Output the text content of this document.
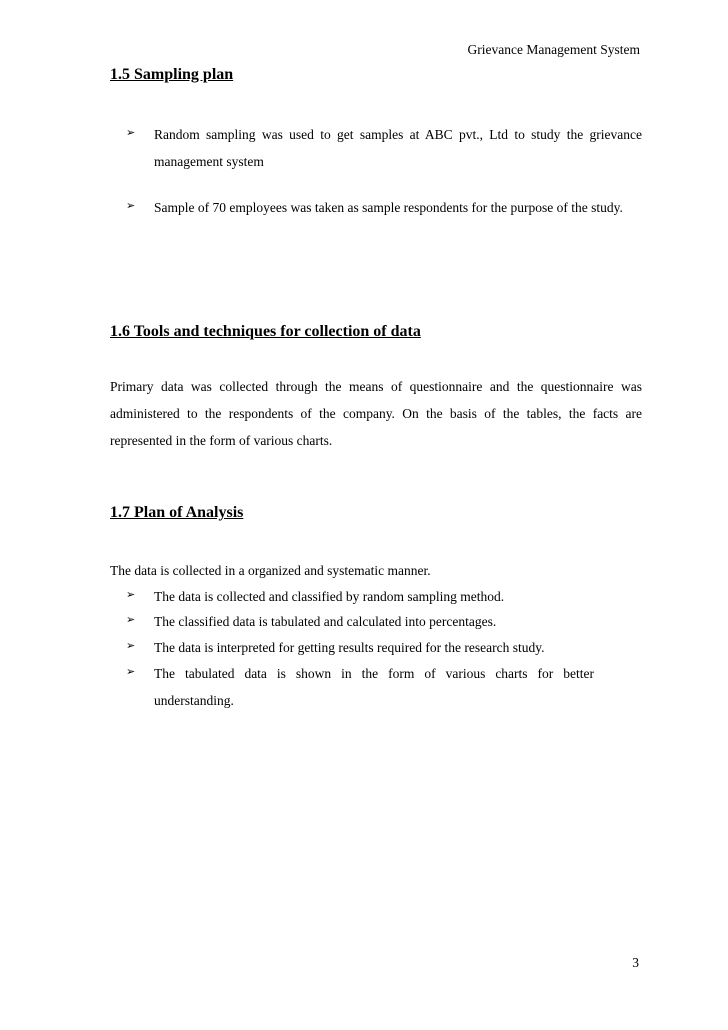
Grievance Management System
1.5 Sampling plan
➢ Random sampling was used to get samples at ABC pvt., Ltd to study the grievance management system
➢ Sample of 70 employees was taken as sample respondents for the purpose of the study.
1.6 Tools and techniques for collection of data
Primary data was collected through the means of questionnaire and the questionnaire was administered to the respondents of the company. On the basis of the tables, the facts are represented in the form of various charts.
1.7 Plan of Analysis
The data is collected in a organized and systematic manner.
➢ The data is collected and classified by random sampling method.
➢ The classified data is tabulated and calculated into percentages.
➢ The data is interpreted for getting results required for the research study.
➢ The tabulated data is shown in the form of various charts for better understanding.
3
